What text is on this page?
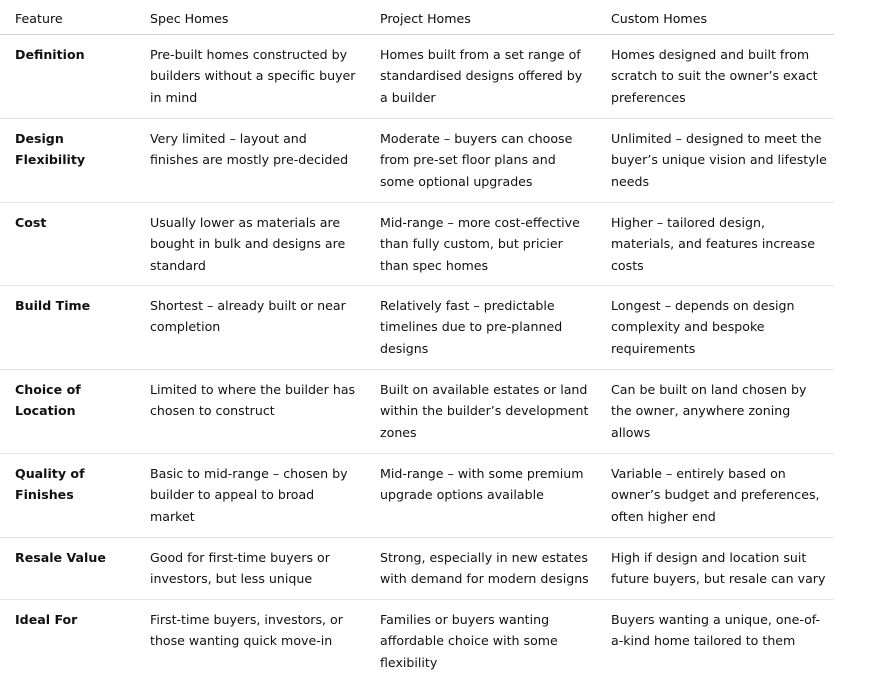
Feature	Spec Homes	Project Homes	Custom Homes

Definition	Pre-built homes constructed by builders without a specific buyer in mind	Homes built from a set range of standardised designs offered by a builder	Homes designed and built from scratch to suit the owner’s exact preferences

Design Flexibility	Very limited – layout and finishes are mostly pre-decided	Moderate – buyers can choose from pre-set floor plans and some optional upgrades	Unlimited – designed to meet the buyer’s unique vision and lifestyle needs

Cost	Usually lower as materials are bought in bulk and designs are standard	Mid-range – more cost-effective than fully custom, but pricier than spec homes	Higher – tailored design, materials, and features increase costs

Build Time	Shortest – already built or near completion	Relatively fast – predictable timelines due to pre-planned designs	Longest – depends on design complexity and bespoke requirements

Choice of Location	Limited to where the builder has chosen to construct	Built on available estates or land within the builder’s development zones	Can be built on land chosen by the owner, anywhere zoning allows

Quality of Finishes	Basic to mid-range – chosen by builder to appeal to broad market	Mid-range – with some premium upgrade options available	Variable – entirely based on owner’s budget and preferences, often higher end

Resale Value	Good for first-time buyers or investors, but less unique	Strong, especially in new estates with demand for modern designs	High if design and location suit future buyers, but resale can vary

Ideal For	First-time buyers, investors, or those wanting quick move-in	Families or buyers wanting affordable choice with some flexibility	Buyers wanting a unique, one-of-a-kind home tailored to them
